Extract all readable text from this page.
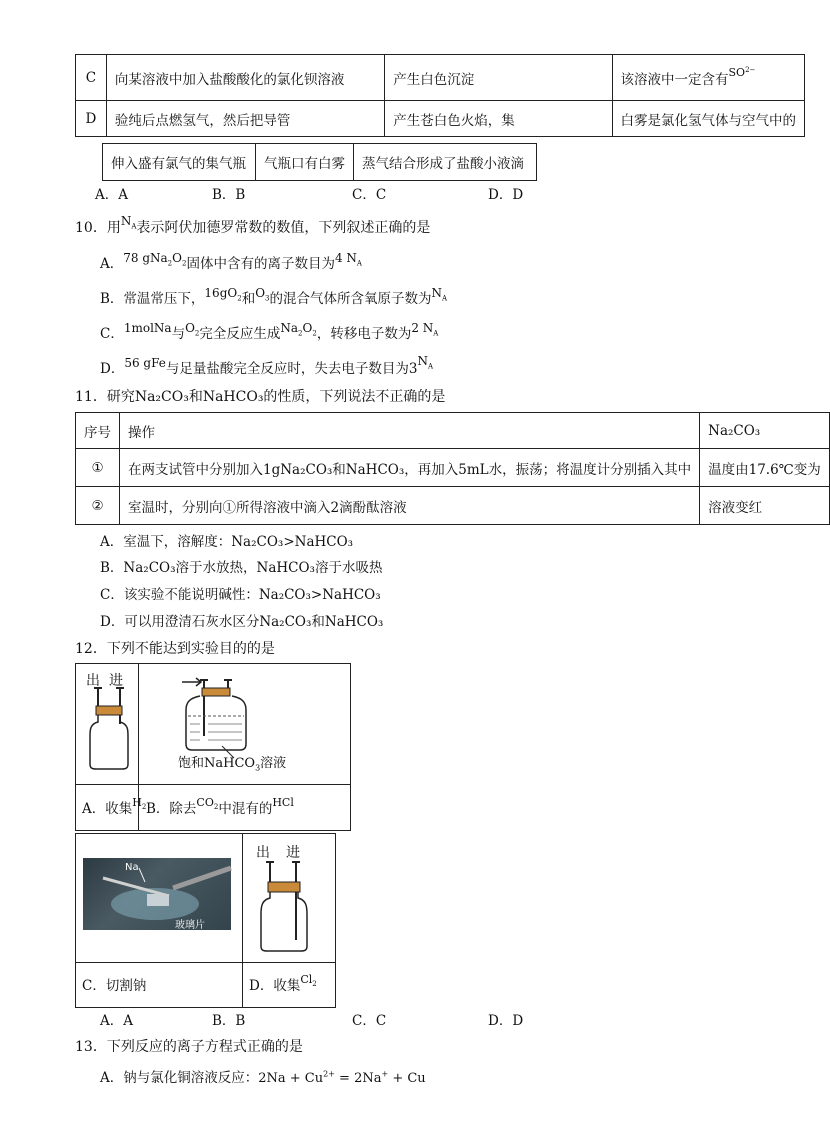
C	向某溶液中加入盐酸酸化的氯化钡溶液	产生白色沉淀	该溶液中一定含有$^{SO^{2-}}$
D	验纯后点燃氢气，然后把导管	产生苍白色火焰，集	白雾是氯化氢气体与空气中的
伸入盛有氯气的集气瓶	气瓶口有白雾	蒸气结合形成了盐酸小液滴
A．A	B．B	C．C	D．D
10．用$N_A$表示阿伏加德罗常数的数值，下列叙述正确的是
A．78 $gNa_2O_2$固体中含有的离子数目为4 $N_A$
B．常温常压下，$16gO_2$和$O_3$的混合气体所含氧原子数为$N_A$
C．1molNa与$O_2$完全反应生成$Na_2O_2$，转移电子数为2 $N_A$
D．56 gFe与足量盐酸完全反应时，失去电子数目为$3N_A$
11．研究Na₂CO₃和NaHCO₃的性质，下列说法不正确的是
序号	操作	Na₂CO₃
①	在两支试管中分别加入1gNa₂CO₃和NaHCO₃，再加入5mL水，振荡；将温度计分别插入其中	温度由17.6℃变为
②	室温时，分别向①所得溶液中滴入2滴酚酞溶液	溶液变红
A．室温下，溶解度：Na₂CO₃>NaHCO₃
B．Na₂CO₃溶于水放热，NaHCO₃溶于水吸热
C．该实验不能说明碱性：Na₂CO₃>NaHCO₃
D．可以用澄清石灰水区分Na₂CO₃和NaHCO₃
12．下列不能达到实验目的的是
出 进
A．收集$^{H_2}$
饱和NaHCO$_3$溶液
B．除去$^{CO_2}$中混有的$^{HCl}$
Na
玻璃片
C．切割钠
出 进
D．收集$^{Cl_2}$
A．A	B．B	C．C	D．D
13．下列反应的离子方程式正确的是
A．钠与氯化铜溶液反应：$2Na + Cu^{2+} = 2Na^+ + Cu$
